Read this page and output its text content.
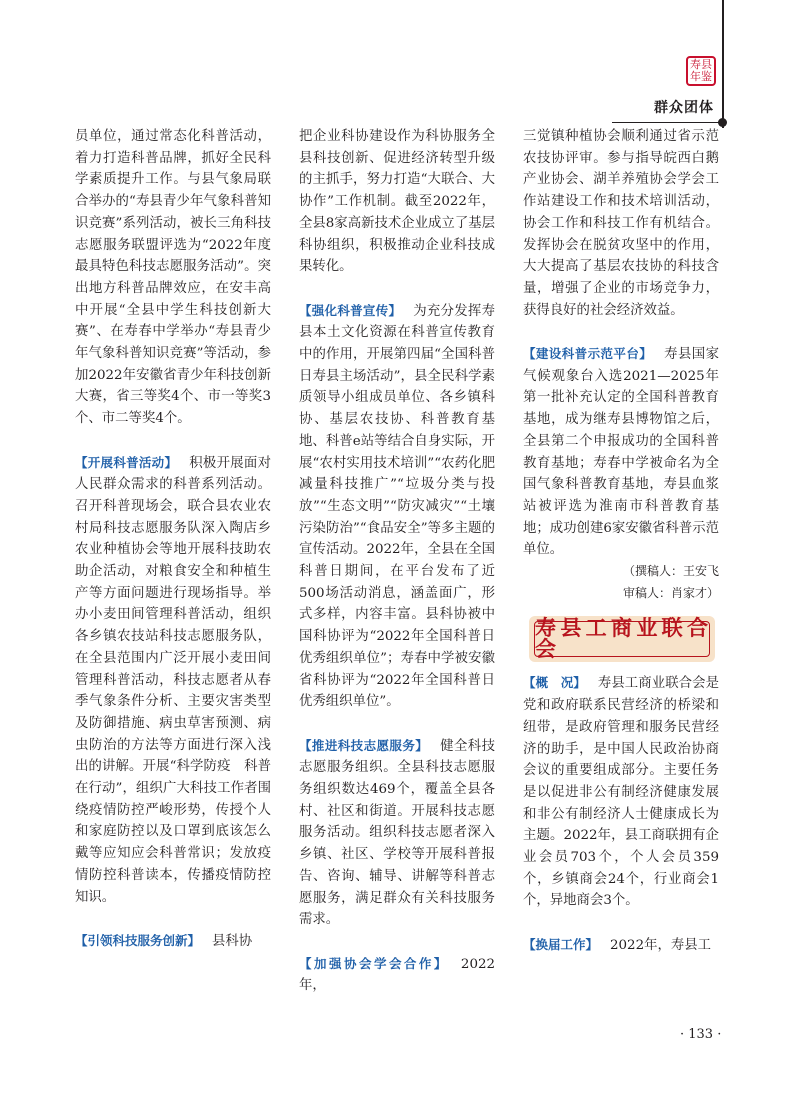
寿县年鉴
群众团体

员单位，通过常态化科普活动，着力打造科普品牌，抓好全民科学素质提升工作。与县气象局联合举办的“寿县青少年气象科普知识竞赛”系列活动，被长三角科技志愿服务联盟评选为“2022年度最具特色科技志愿服务活动”。突出地方科普品牌效应，在安丰高中开展“全县中学生科技创新大赛”、在寿春中学举办“寿县青少年气象科普知识竞赛”等活动，参加2022年安徽省青少年科技创新大赛，省三等奖4个、市一等奖3个、市二等奖4个。

【开展科普活动】 积极开展面对人民群众需求的科普系列活动。召开科普现场会，联合县农业农村局科技志愿服务队深入陶店乡农业种植协会等地开展科技助农助企活动，对粮食安全和种植生产等方面问题进行现场指导。举办小麦田间管理科普活动，组织各乡镇农技站科技志愿服务队，在全县范围内广泛开展小麦田间管理科普活动，科技志愿者从春季气象条件分析、主要灾害类型及防御措施、病虫草害预测、病虫防治的方法等方面进行深入浅出的讲解。开展“科学防疫　科普在行动”，组织广大科技工作者围绕疫情防控严峻形势，传授个人和家庭防控以及口罩到底该怎么戴等应知应会科普常识；发放疫情防控科普读本，传播疫情防控知识。

【引领科技服务创新】 县科协

把企业科协建设作为科协服务全县科技创新、促进经济转型升级的主抓手，努力打造“大联合、大协作”工作机制。截至2022年，全县8家高新技术企业成立了基层科协组织，积极推动企业科技成果转化。

【强化科普宣传】 为充分发挥寿县本土文化资源在科普宣传教育中的作用，开展第四届“全国科普日寿县主场活动”，县全民科学素质领导小组成员单位、各乡镇科协、基层农技协、科普教育基地、科普e站等结合自身实际，开展“农村实用技术培训”“农药化肥减量科技推广”“垃圾分类与投放”“生态文明”“防灾减灾”“土壤污染防治”“食品安全”等多主题的宣传活动。2022年，全县在全国科普日期间，在平台发布了近500场活动消息，涵盖面广，形式多样，内容丰富。县科协被中国科协评为“2022年全国科普日优秀组织单位”；寿春中学被安徽省科协评为“2022年全国科普日优秀组织单位”。

【推进科技志愿服务】 健全科技志愿服务组织。全县科技志愿服务组织数达469个，覆盖全县各村、社区和街道。开展科技志愿服务活动。组织科技志愿者深入乡镇、社区、学校等开展科普报告、咨询、辅导、讲解等科普志愿服务，满足群众有关科技服务需求。

【加强协会学会合作】 2022年，

三觉镇种植协会顺利通过省示范农技协评审。参与指导皖西白鹅产业协会、湖羊养殖协会学会工作站建设工作和技术培训活动，协会工作和科技工作有机结合。发挥协会在脱贫攻坚中的作用，大大提高了基层农技协的科技含量，增强了企业的市场竞争力，获得良好的社会经济效益。

【建设科普示范平台】 寿县国家气候观象台入选2021—2025年第一批补充认定的全国科普教育基地，成为继寿县博物馆之后，全县第二个申报成功的全国科普教育基地；寿春中学被命名为全国气象科普教育基地，寿县血浆站被评选为淮南市科普教育基地；成功创建6家安徽省科普示范单位。

（撰稿人：王安飞
审稿人：肖家才）
寿县工商业联合会

【概　况】 寿县工商业联合会是党和政府联系民营经济的桥梁和纽带，是政府管理和服务民营经济的助手，是中国人民政治协商会议的重要组成部分。主要任务是以促进非公有制经济健康发展和非公有制经济人士健康成长为主题。2022年，县工商联拥有企业会员703个，个人会员359个，乡镇商会24个，行业商会1个，异地商会3个。

【换届工作】 2022年，寿县工

· 133 ·
